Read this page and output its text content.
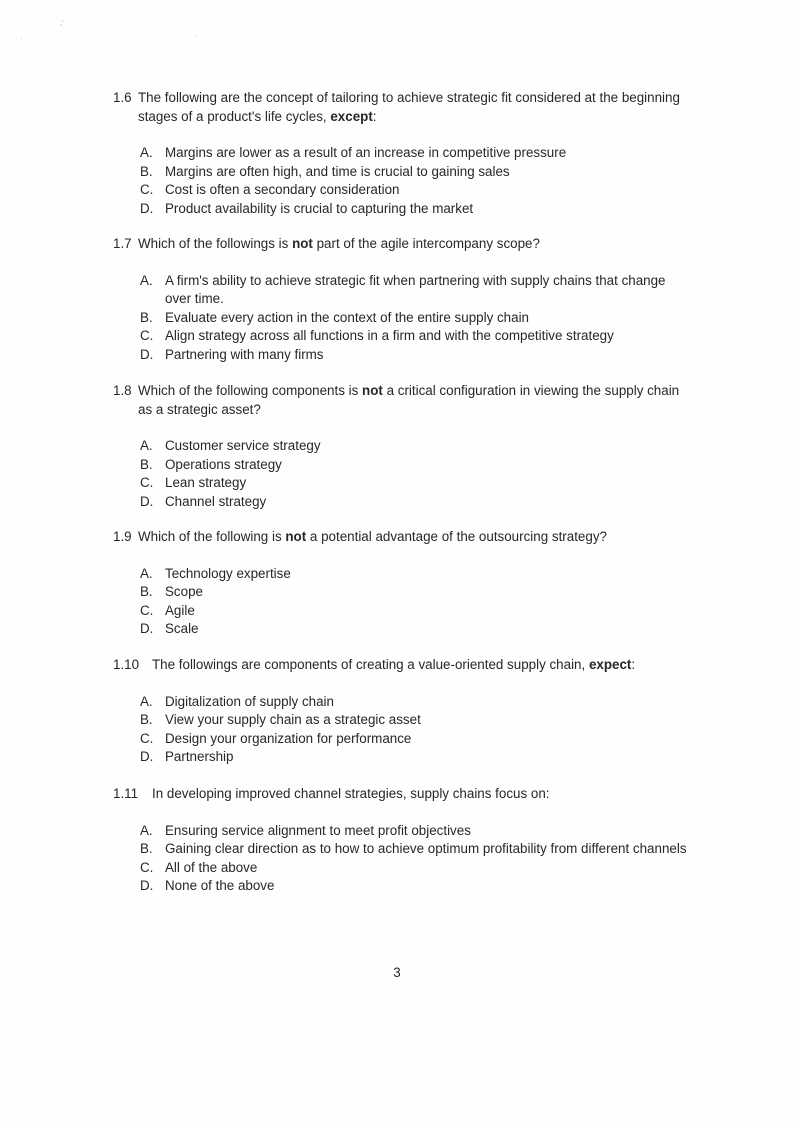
,'
·	·
1.6 The following are the concept of tailoring to achieve strategic fit considered at the beginning stages of a product's life cycles, except:
A. Margins are lower as a result of an increase in competitive pressure
B. Margins are often high, and time is crucial to gaining sales
C. Cost is often a secondary consideration
D. Product availability is crucial to capturing the market
1.7 Which of the followings is not part of the agile intercompany scope?
A. A firm's ability to achieve strategic fit when partnering with supply chains that change over time.
B. Evaluate every action in the context of the entire supply chain
C. Align strategy across all functions in a firm and with the competitive strategy
D. Partnering with many firms
1.8 Which of the following components is not a critical configuration in viewing the supply chain as a strategic asset?
A. Customer service strategy
B. Operations strategy
C. Lean strategy
D. Channel strategy
1.9 Which of the following is not a potential advantage of the outsourcing strategy?
A. Technology expertise
B. Scope
C. Agile
D. Scale
1.10 The followings are components of creating a value-oriented supply chain, expect:
A. Digitalization of supply chain
B. View your supply chain as a strategic asset
C. Design your organization for performance
D. Partnership
1.11	In developing improved channel strategies, supply chains focus on:
A. Ensuring service alignment to meet profit objectives
B. Gaining clear direction as to how to achieve optimum profitability from different channels
C. All of the above
D. None of the above
3
